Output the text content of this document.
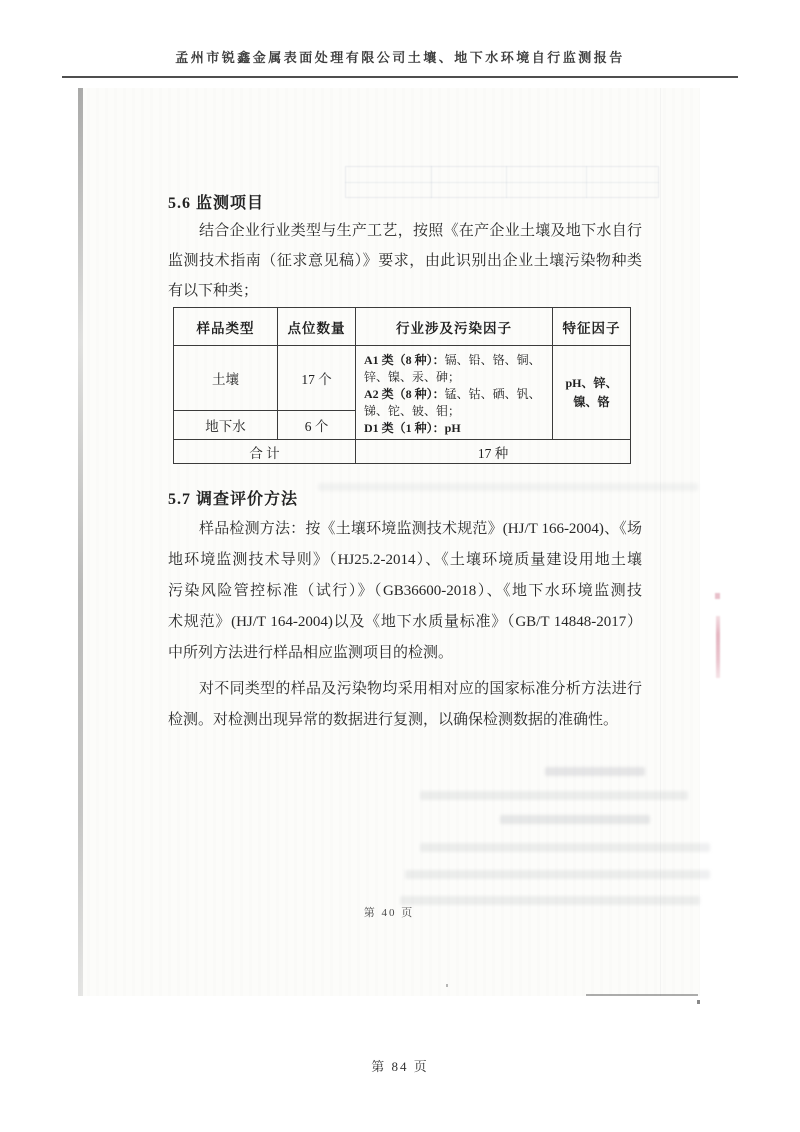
孟州市锐鑫金属表面处理有限公司土壤、地下水环境自行监测报告
5.6 监测项目
结合企业行业类型与生产工艺，按照《在产企业土壤及地下水自行
监测技术指南（征求意见稿）》要求，由此识别出企业土壤污染物种类
有以下种类；
样品类型	点位数量	行业涉及污染因子	特征因子
土壤	17 个	A1 类（8 种）：镉、铅、铬、铜、锌、镍、汞、砷；
A2 类（8 种）：锰、钴、硒、钒、锑、铊、铍、钼；
D1 类（1 种）：pH	pH、锌、镍、铬
地下水	6 个		
合 计		17 种	
5.7 调查评价方法
样品检测方法：按《土壤环境监测技术规范》(HJ/T 166-2004)、《场
地环境监测技术导则》（HJ25.2-2014）、《土壤环境质量建设用地土壤
污染风险管控标准（试行）》（GB36600-2018）、《地下水环境监测技
术规范》(HJ/T 164-2004)以及《地下水质量标准》（GB/T 14848-2017）
中所列方法进行样品相应监测项目的检测。
对不同类型的样品及污染物均采用相对应的国家标准分析方法进行
检测。对检测出现异常的数据进行复测，以确保检测数据的准确性。
第 40 页
第 84 页
